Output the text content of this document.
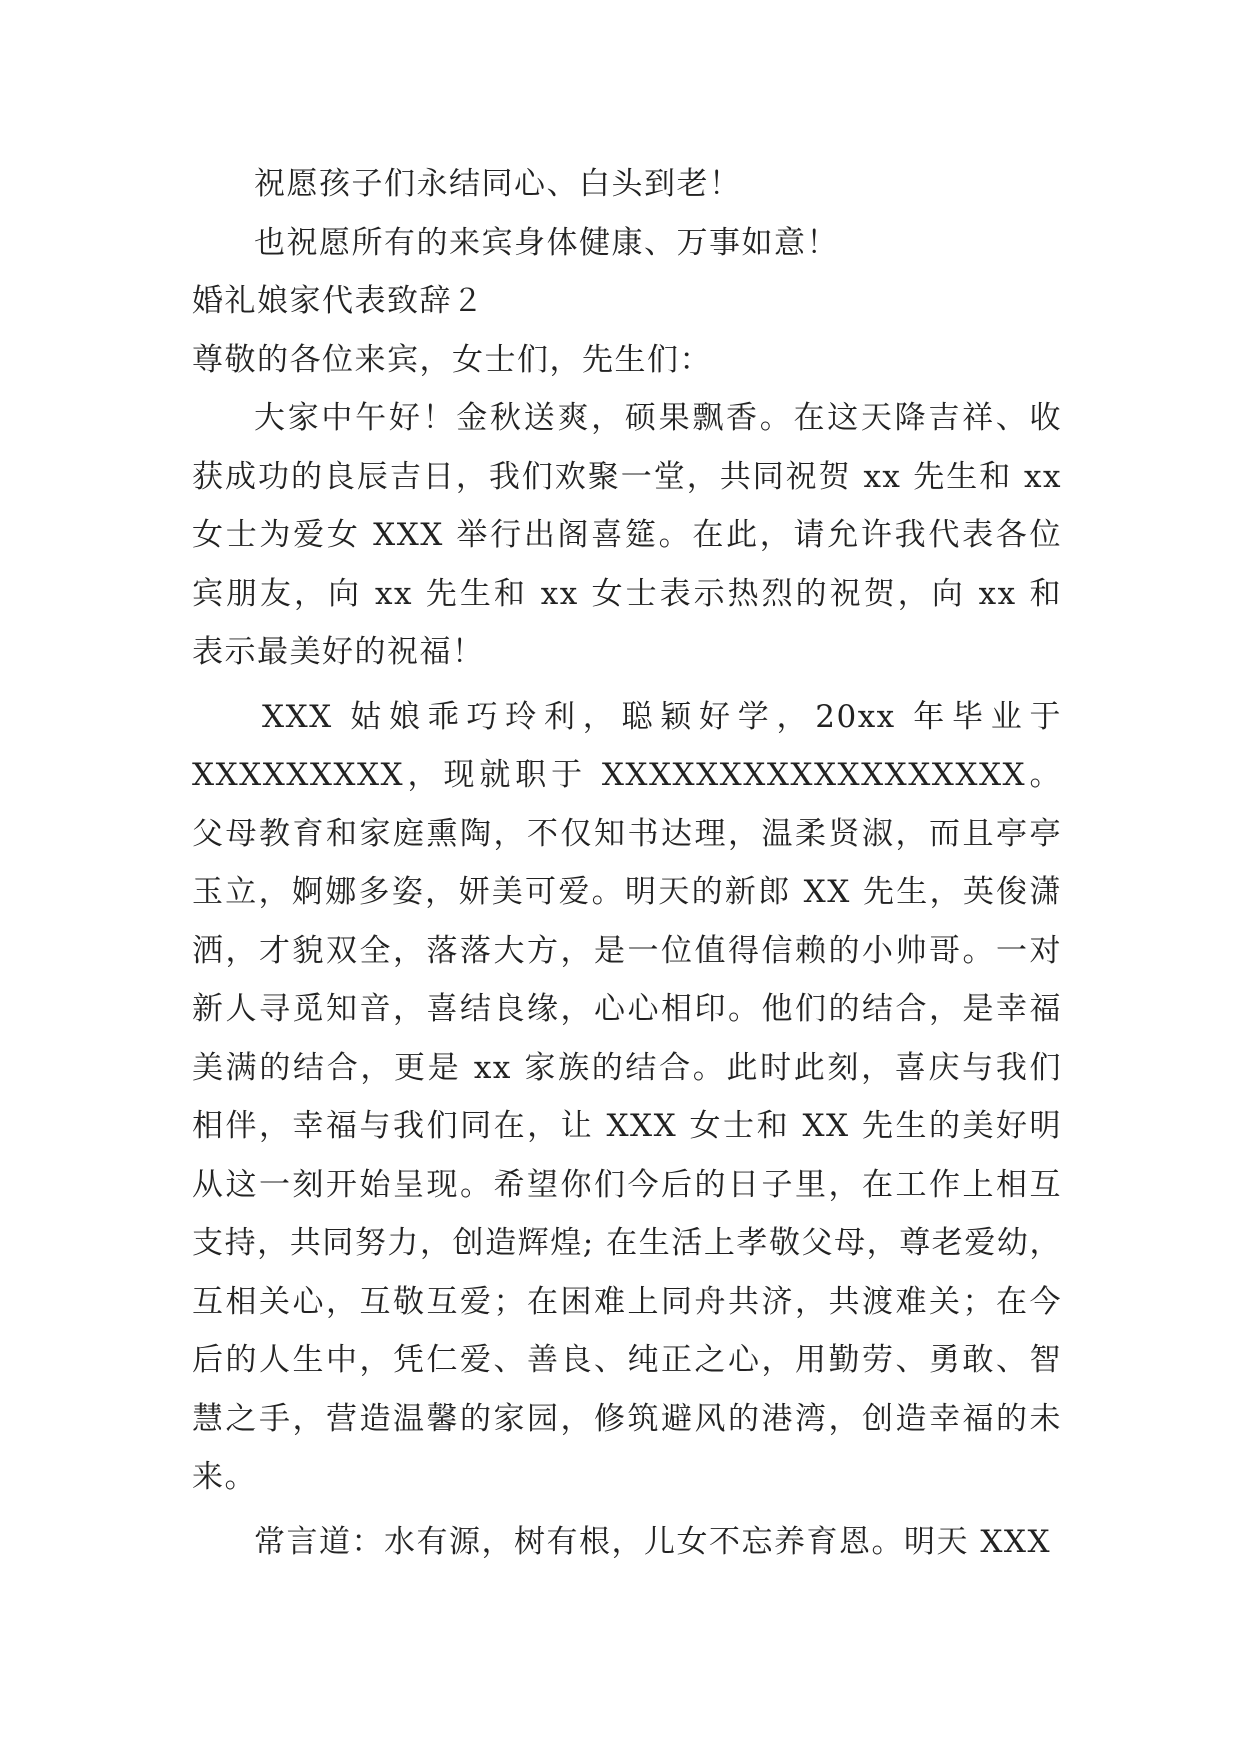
祝愿孩子们永结同心、白头到老！
也祝愿所有的来宾身体健康、万事如意！
婚礼娘家代表致辞２
尊敬的各位来宾，女士们，先生们：
大家中午好！金秋送爽，硕果飘香。在这天降吉祥、收
获成功的良辰吉日，我们欢聚一堂，共同祝贺 xx 先生和 xx
女士为爱女 XXX 举行出阁喜筵。在此，请允许我代表各位
宾朋友，向 xx 先生和 xx 女士表示热烈的祝贺，向 xx 和
表示最美好的祝福！
XXX 姑娘乖巧玲利，聪颖好学，20xx 年毕业于
XXXXXXXXX，现就职于 XXXXXXXXXXXXXXXXXX。
父母教育和家庭熏陶，不仅知书达理，温柔贤淑，而且亭亭
玉立，婀娜多姿，妍美可爱。明天的新郎 XX 先生，英俊潇
洒，才貌双全，落落大方，是一位值得信赖的小帅哥。一对
新人寻觅知音，喜结良缘，心心相印。他们的结合，是幸福
美满的结合，更是 xx 家族的结合。此时此刻，喜庆与我们
相伴，幸福与我们同在，让 XXX 女士和 XX 先生的美好明
从这一刻开始呈现。希望你们今后的日子里，在工作上相互
支持，共同努力，创造辉煌; 在生活上孝敬父母，尊老爱幼，
互相关心，互敬互爱；在困难上同舟共济，共渡难关；在今
后的人生中，凭仁爱、善良、纯正之心，用勤劳、勇敢、智
慧之手，营造温馨的家园，修筑避风的港湾，创造幸福的未
来。
常言道：水有源，树有根，儿女不忘养育恩。明天 XXX
